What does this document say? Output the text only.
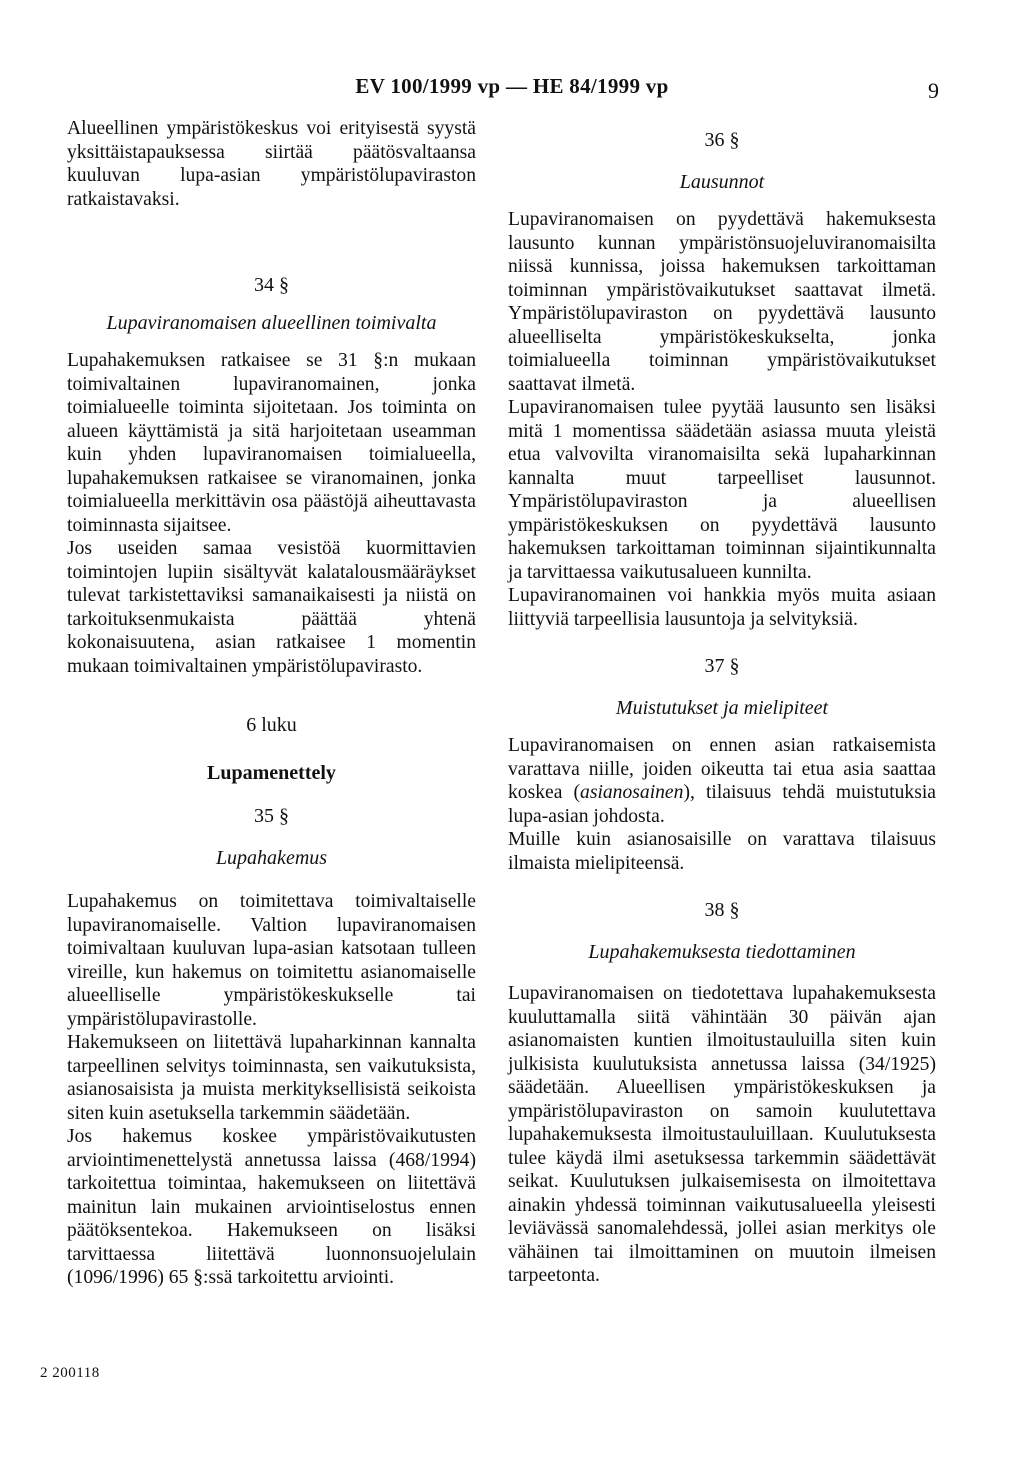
EV 100/1999 vp — HE 84/1999 vp	9

Alueellinen ympäristökeskus voi erityisestä syystä yksittäistapauksessa siirtää päätösvaltaansa kuuluvan lupa-asian ympäristölupaviraston ratkaistavaksi.

34 §
Lupaviranomaisen alueellinen toimivalta

Lupahakemuksen ratkaisee se 31 §:n mukaan toimivaltainen lupaviranomainen, jonka toimialueelle toiminta sijoitetaan. Jos toiminta on alueen käyttämistä ja sitä harjoitetaan useamman kuin yhden lupaviranomaisen toimialueella, lupahakemuksen ratkaisee se viranomainen, jonka toimialueella merkittävin osa päästöjä aiheuttavasta toiminnasta sijaitsee.

Jos useiden samaa vesistöä kuormittavien toimintojen lupiin sisältyvät kalatalousmääräykset tulevat tarkistettaviksi samanaikaisesti ja niistä on tarkoituksenmukaista päättää yhtenä kokonaisuutena, asian ratkaisee 1 momentin mukaan toimivaltainen ympäristölupavirasto.

6 luku
Lupamenettely
35 §
Lupahakemus

Lupahakemus on toimitettava toimivaltaiselle lupaviranomaiselle. Valtion lupaviranomaisen toimivaltaan kuuluvan lupa-asian katsotaan tulleen vireille, kun hakemus on toimitettu asianomaiselle alueelliselle ympäristökeskukselle tai ympäristölupavirastolle.

Hakemukseen on liitettävä lupaharkinnan kannalta tarpeellinen selvitys toiminnasta, sen vaikutuksista, asianosaisista ja muista merkityksellisistä seikoista siten kuin asetuksella tarkemmin säädetään.

Jos hakemus koskee ympäristövaikutusten arviointimenettelystä annetussa laissa (468/1994) tarkoitettua toimintaa, hakemukseen on liitettävä mainitun lain mukainen arviointiselostus ennen päätöksentekoa. Hakemukseen on lisäksi tarvittaessa liitettävä luonnonsuojelulain (1096/1996) 65 §:ssä tarkoitettu arviointi.

36 §
Lausunnot

Lupaviranomaisen on pyydettävä hakemuksesta lausunto kunnan ympäristönsuojeluviranomaisilta niissä kunnissa, joissa hakemuksen tarkoittaman toiminnan ympäristövaikutukset saattavat ilmetä. Ympäristölupaviraston on pyydettävä lausunto alueelliselta ympäristökeskukselta, jonka toimialueella toiminnan ympäristövaikutukset saattavat ilmetä.

Lupaviranomaisen tulee pyytää lausunto sen lisäksi mitä 1 momentissa säädetään asiassa muuta yleistä etua valvovilta viranomaisilta sekä lupaharkinnan kannalta muut tarpeelliset lausunnot. Ympäristölupaviraston ja alueellisen ympäristökeskuksen on pyydettävä lausunto hakemuksen tarkoittaman toiminnan sijaintikunnalta ja tarvittaessa vaikutusalueen kunnilta.

Lupaviranomainen voi hankkia myös muita asiaan liittyviä tarpeellisia lausuntoja ja selvityksiä.

37 §
Muistutukset ja mielipiteet

Lupaviranomaisen on ennen asian ratkaisemista varattava niille, joiden oikeutta tai etua asia saattaa koskea (asianosainen), tilaisuus tehdä muistutuksia lupa-asian johdosta.

Muille kuin asianosaisille on varattava tilaisuus ilmaista mielipiteensä.

38 §
Lupahakemuksesta tiedottaminen

Lupaviranomaisen on tiedotettava lupahakemuksesta kuuluttamalla siitä vähintään 30 päivän ajan asianomaisten kuntien ilmoitustauluilla siten kuin julkisista kuulutuksista annetussa laissa (34/1925) säädetään. Alueellisen ympäristökeskuksen ja ympäristölupaviraston on samoin kuulutettava lupahakemuksesta ilmoitustauluillaan. Kuulutuksesta tulee käydä ilmi asetuksessa tarkemmin säädettävät seikat. Kuulutuksen julkaisemisesta on ilmoitettava ainakin yhdessä toiminnan vaikutusalueella yleisesti leviävässä sanomalehdessä, jollei asian merkitys ole vähäinen tai ilmoittaminen on muutoin ilmeisen tarpeetonta.

2 200118
